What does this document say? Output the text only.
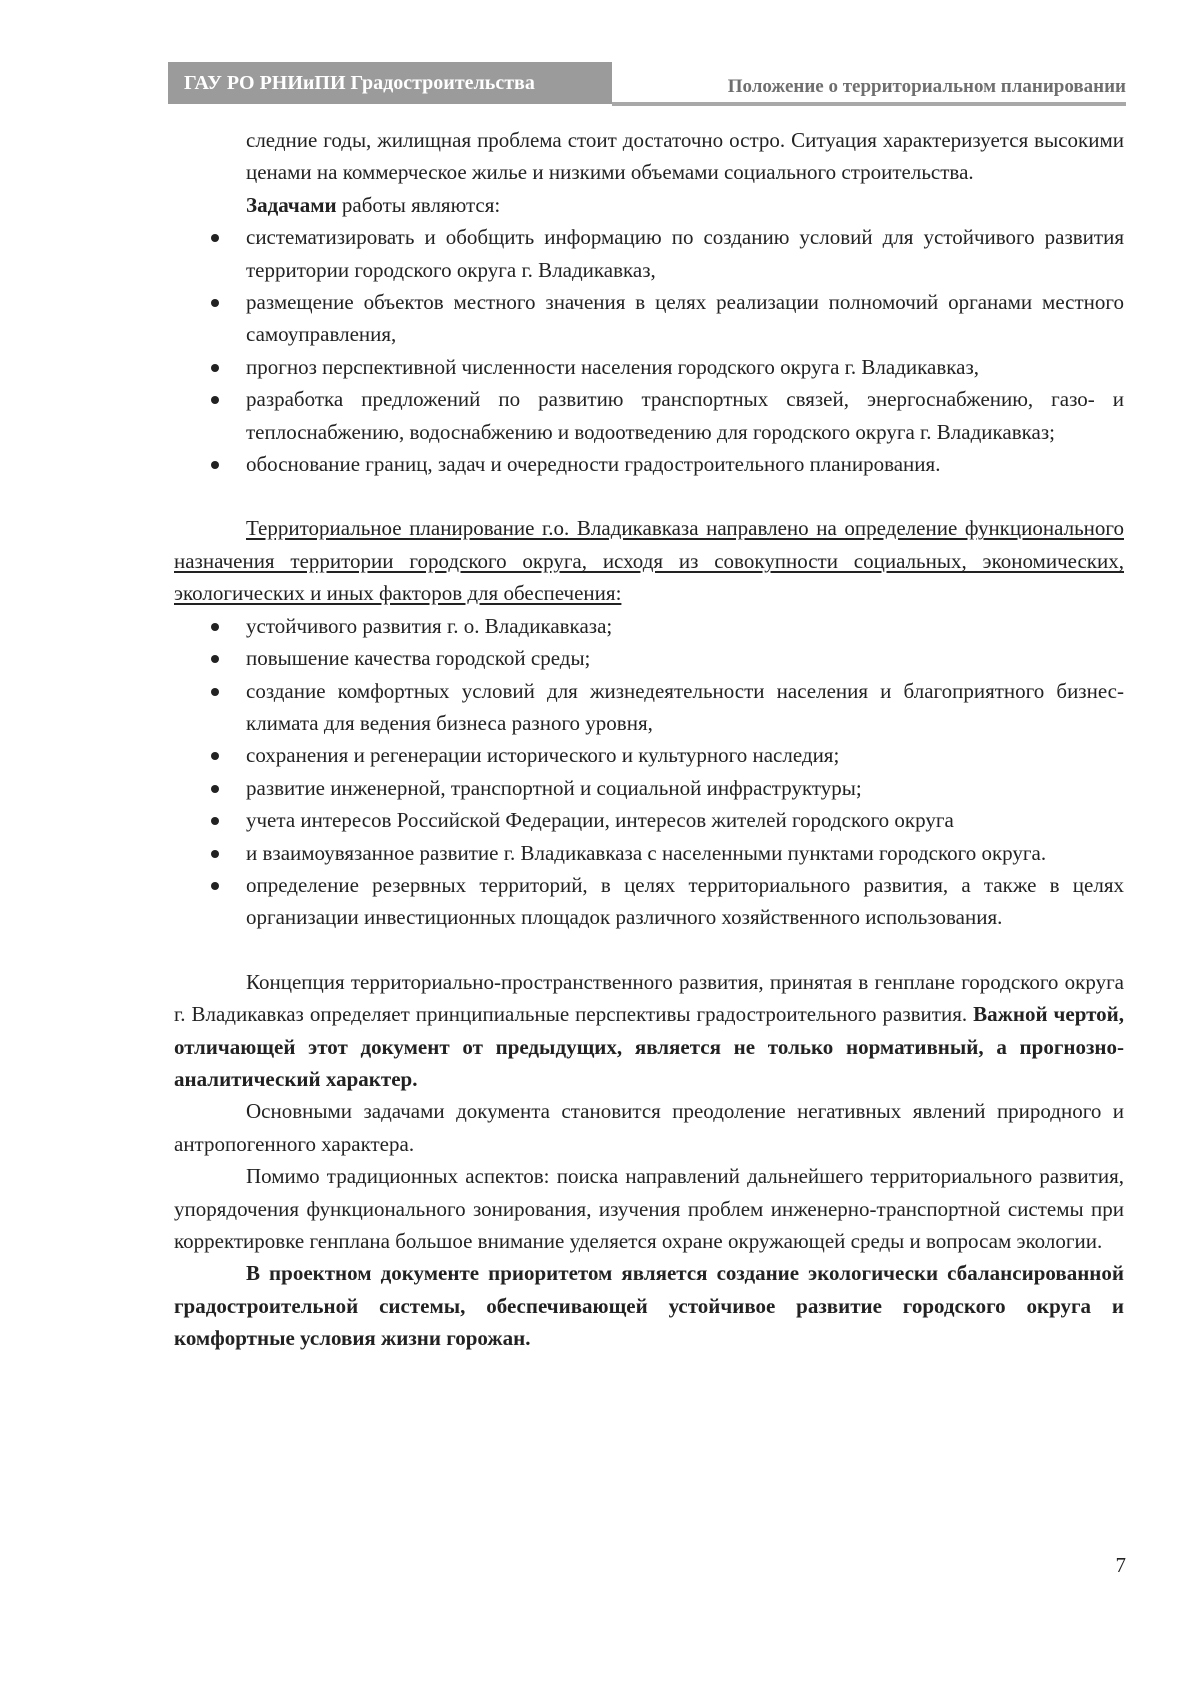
ГАУ РО РНИиПИ Градостроительства	Положение о территориальном планировании

следние годы, жилищная проблема стоит достаточно остро. Ситуация характеризуется высокими ценами на коммерческое жилье и низкими объемами социального строительства.

Задачами работы являются:

систематизировать и обобщить информацию по созданию условий для устойчивого развития территории городского округа г. Владикавказ,
размещение объектов местного значения в целях реализации полномочий органами местного самоуправления,
прогноз перспективной численности населения городского округа г. Владикавказ,
разработка предложений по развитию транспортных связей, энергоснабжению, газо- и теплоснабжению, водоснабжению и водоотведению для городского округа г. Владикавказ;
обоснование границ, задач и очередности градостроительного планирования.

Территориальное планирование г.о. Владикавказа направлено на определение функционального назначения территории городского округа, исходя из совокупности социальных, экономических, экологических и иных факторов для обеспечения:

устойчивого развития г. о. Владикавказа;
повышение качества городской среды;
создание комфортных условий для жизнедеятельности населения и благоприятного бизнес-климата для ведения бизнеса разного уровня,
сохранения и регенерации исторического и культурного наследия;
развитие инженерной, транспортной и социальной инфраструктуры;
учета интересов Российской Федерации, интересов жителей городского округа
и взаимоувязанное развитие г. Владикавказа с населенными пунктами городского округа.
определение резервных территорий, в целях территориального развития, а также в целях организации инвестиционных площадок различного хозяйственного использования.

Концепция территориально-пространственного развития, принятая в генплане городского округа г. Владикавказ определяет принципиальные перспективы градостроительного развития. Важной чертой, отличающей этот документ от предыдущих, является не только нормативный, а прогнозно-аналитический характер.

Основными задачами документа становится преодоление негативных явлений природного и антропогенного характера.

Помимо традиционных аспектов: поиска направлений дальнейшего территориального развития, упорядочения функционального зонирования, изучения проблем инженерно-транспортной системы при корректировке генплана большое внимание уделяется охране окружающей среды и вопросам экологии.

В проектном документе приоритетом является создание экологически сбалансированной градостроительной системы, обеспечивающей устойчивое развитие городского округа и комфортные условия жизни горожан.

7
